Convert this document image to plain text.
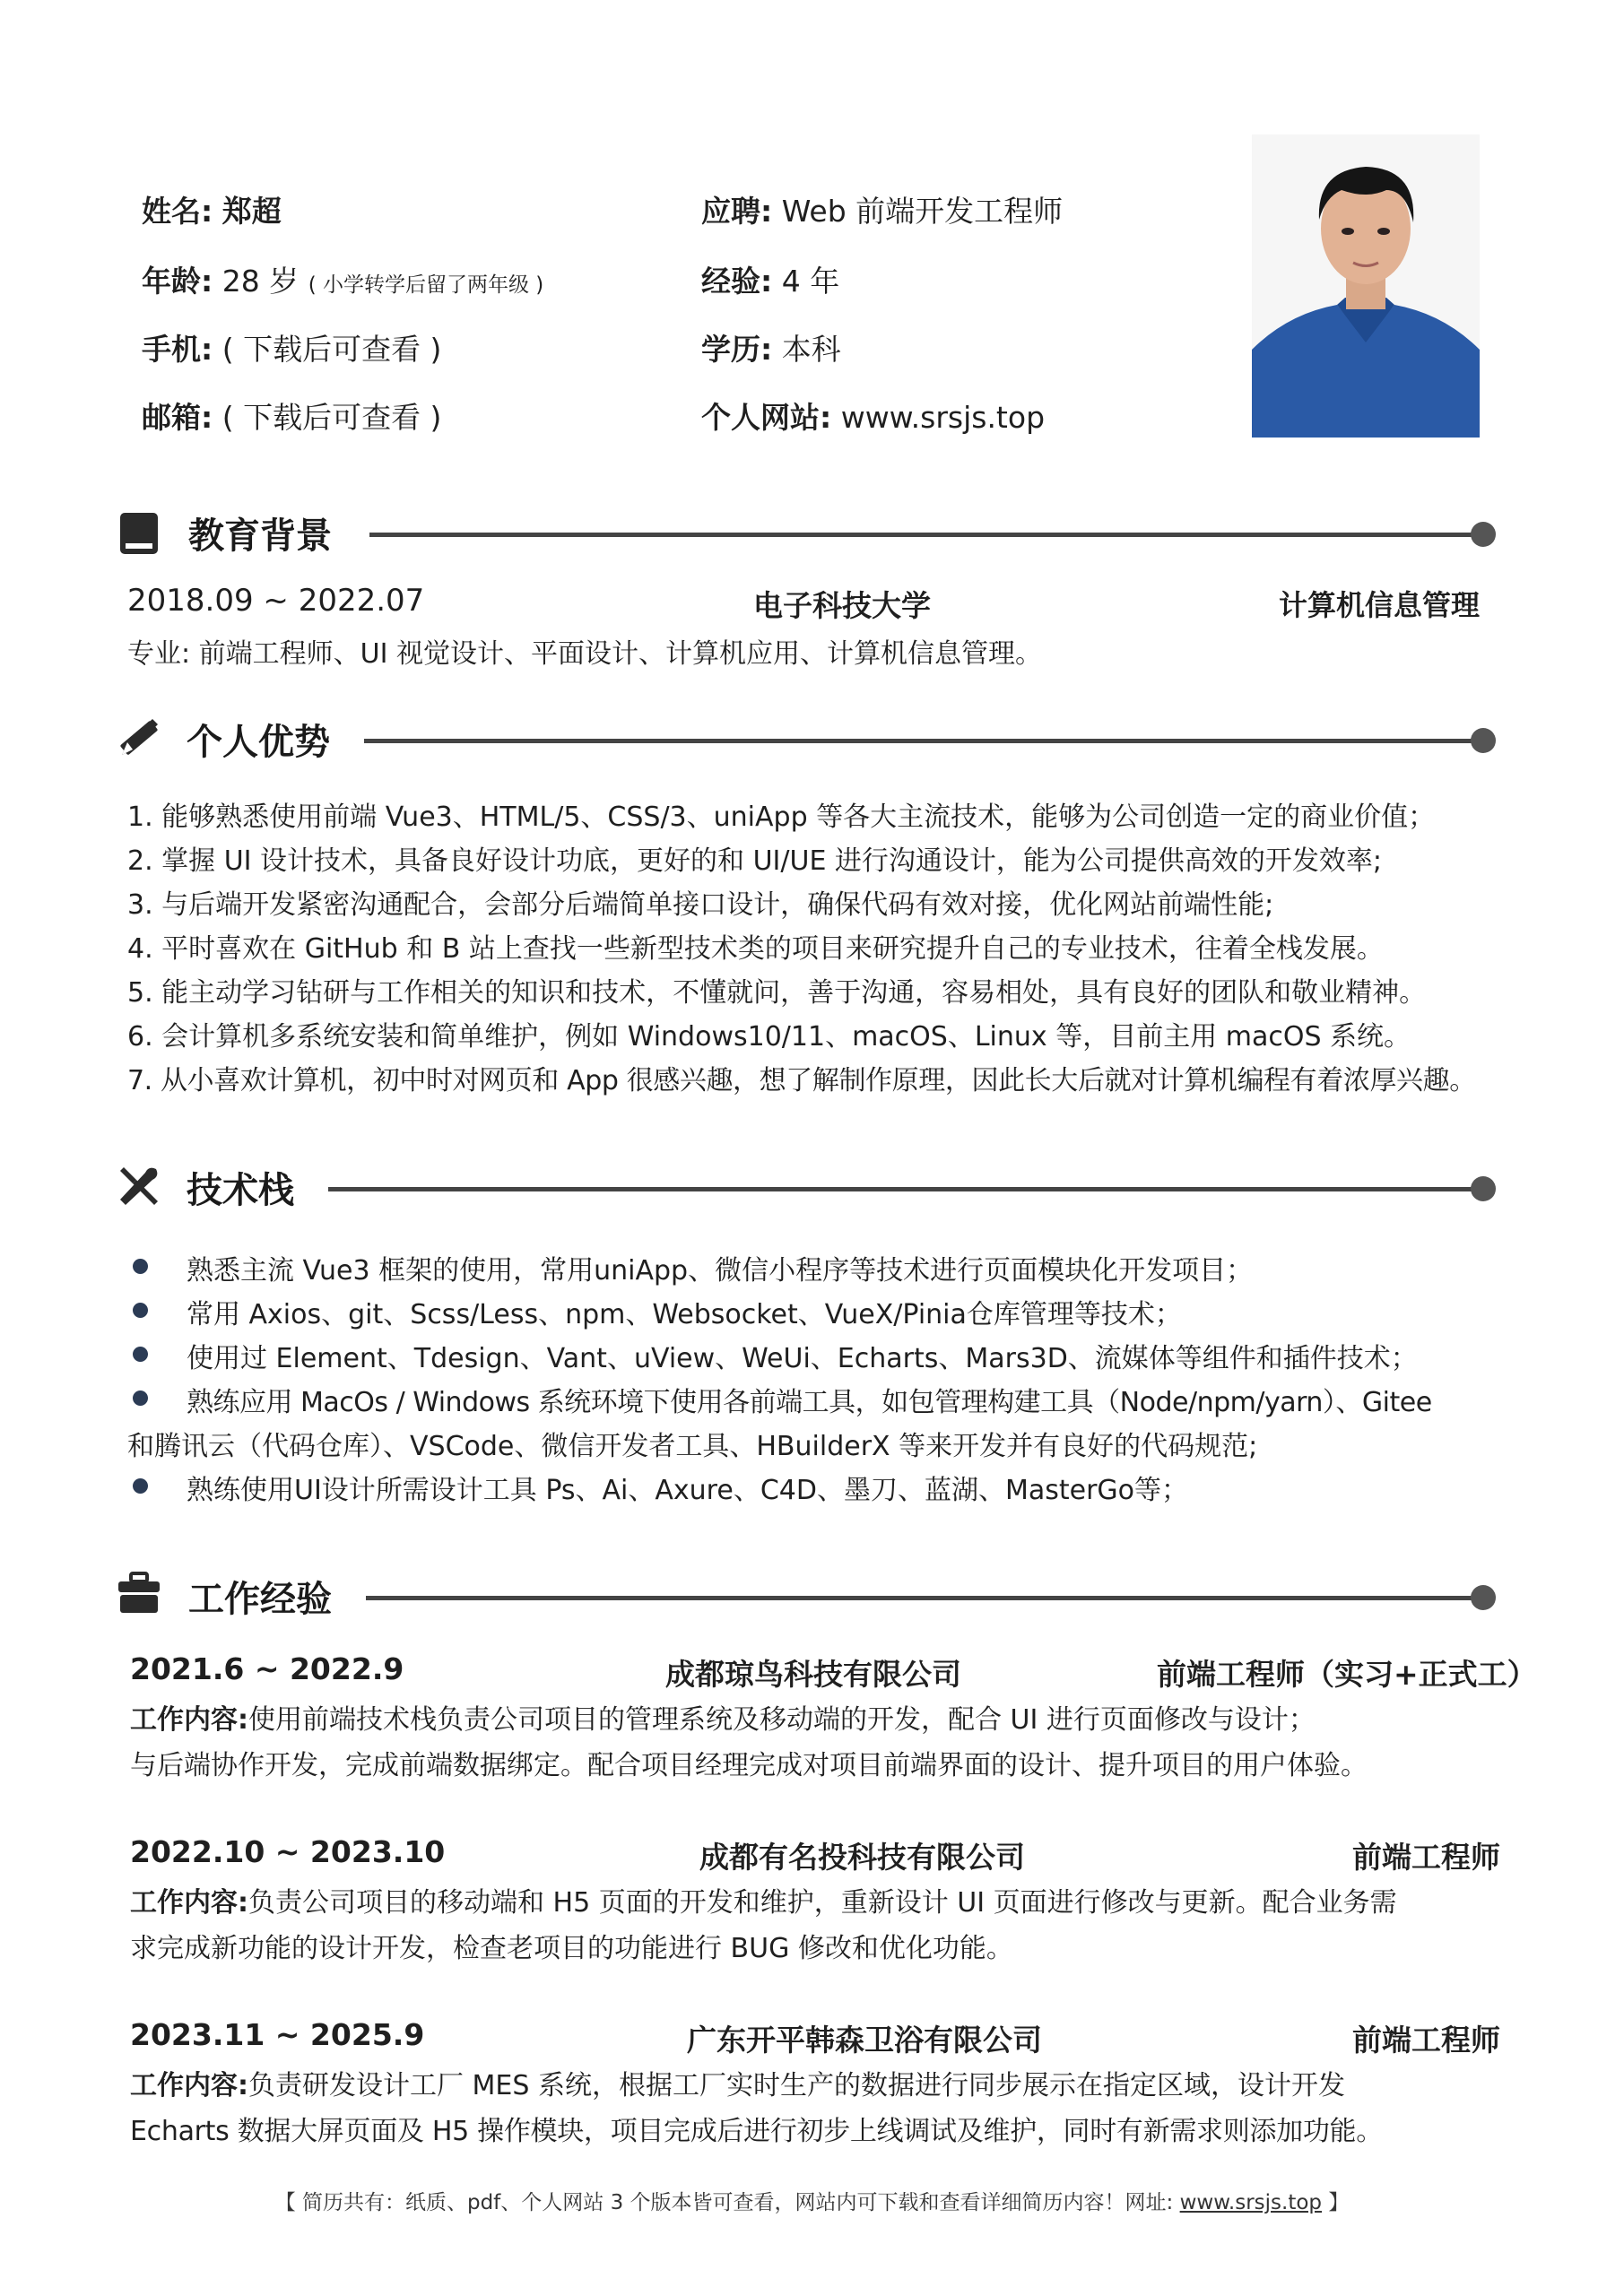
姓名: 郑超
年龄: 28 岁 ( 小学转学后留了两年级 )
手机: ( 下载后可查看 )
邮箱: ( 下载后可查看 )
应聘: Web 前端开发工程师
经验: 4 年
学历: 本科
个人网站: www.srsjs.top
教育背景
2018.09 ~ 2022.07	电子科技大学	计算机信息管理
专业: 前端工程师、UI 视觉设计、平面设计、计算机应用、计算机信息管理。
个人优势
1. 能够熟悉使用前端 Vue3、HTML/5、CSS/3、uniApp 等各大主流技术，能够为公司创造一定的商业价值；
2. 掌握 UI 设计技术，具备良好设计功底，更好的和 UI/UE 进行沟通设计，能为公司提供高效的开发效率;
3. 与后端开发紧密沟通配合，会部分后端简单接口设计，确保代码有效对接，优化网站前端性能;
4. 平时喜欢在 GitHub 和 B 站上查找一些新型技术类的项目来研究提升自己的专业技术，往着全栈发展。
5. 能主动学习钻研与工作相关的知识和技术，不懂就问，善于沟通，容易相处，具有良好的团队和敬业精神。
6. 会计算机多系统安装和简单维护，例如 Windows10/11、macOS、Linux 等，目前主用 macOS 系统。
7. 从小喜欢计算机，初中时对网页和 App 很感兴趣，想了解制作原理，因此长大后就对计算机编程有着浓厚兴趣。
技术栈
熟悉主流 Vue3 框架的使用，常用uniApp、微信小程序等技术进行页面模块化开发项目；
常用 Axios、git、Scss/Less、npm、Websocket、VueX/Pinia仓库管理等技术；
使用过 Element、Tdesign、Vant、uView、WeUi、Echarts、Mars3D、流媒体等组件和插件技术；
熟练应用 MacOs / Windows 系统环境下使用各前端工具，如包管理构建工具（Node/npm/yarn）、Gitee
和腾讯云（代码仓库）、VSCode、微信开发者工具、HBuilderX 等来开发并有良好的代码规范;
熟练使用UI设计所需设计工具 Ps、Ai、Axure、C4D、墨刀、蓝湖、MasterGo等；
工作经验
2021.6 ~ 2022.9	成都琼鸟科技有限公司	前端工程师（实习+正式工）
工作内容:使用前端技术栈负责公司项目的管理系统及移动端的开发，配合 UI 进行页面修改与设计；
与后端协作开发，完成前端数据绑定。配合项目经理完成对项目前端界面的设计、提升项目的用户体验。
2022.10 ~ 2023.10	成都有名投科技有限公司	前端工程师
工作内容:负责公司项目的移动端和 H5 页面的开发和维护，重新设计 UI 页面进行修改与更新。配合业务需
求完成新功能的设计开发，检查老项目的功能进行 BUG 修改和优化功能。
2023.11 ~ 2025.9	广东开平韩森卫浴有限公司	前端工程师
工作内容:负责研发设计工厂 MES 系统，根据工厂实时生产的数据进行同步展示在指定区域，设计开发
Echarts 数据大屏页面及 H5 操作模块，项目完成后进行初步上线调试及维护，同时有新需求则添加功能。
【 简历共有：纸质、pdf、个人网站 3 个版本皆可查看，网站内可下载和查看详细简历内容！网址: www.srsjs.top 】
